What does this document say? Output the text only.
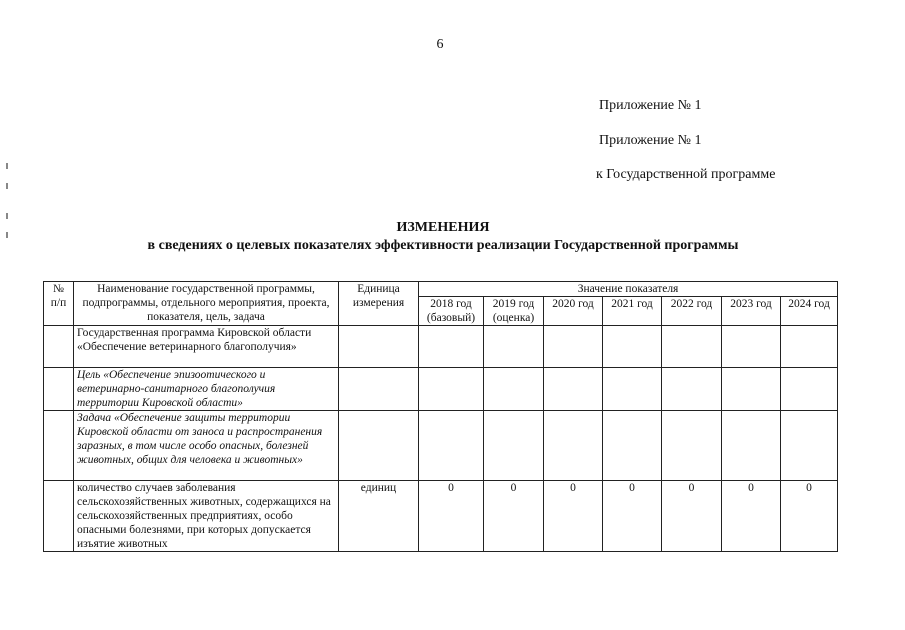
6
Приложение № 1
Приложение № 1
к Государственной программе
ИЗМЕНЕНИЯ
в сведениях о целевых показателях эффективности реализации Государственной программы
№ п/п	Наименование государственной программы, подпрограммы, отдельного мероприятия, проекта, показателя, цель, задача	Единица измерения	Значение показателя						
			2018 год (базовый)	2019 год (оценка)	2020 год	2021 год	2022 год	2023 год	2024 год
	Государственная программа Кировской области «Обеспечение ветеринарного благополучия»								
	Цель «Обеспечение эпизоотического и ветеринарно-санитарного благополучия территории Кировской области»								
	Задача «Обеспечение защиты территории Кировской области от заноса и распространения заразных, в том числе особо опасных, болезней животных, общих для человека и животных»								
	количество случаев заболевания сельскохозяйственных животных, содержащихся на сельскохозяйственных предприятиях, особо опасными болезнями, при которых допускается изъятие животных	единиц	0	0	0	0	0	0	0
